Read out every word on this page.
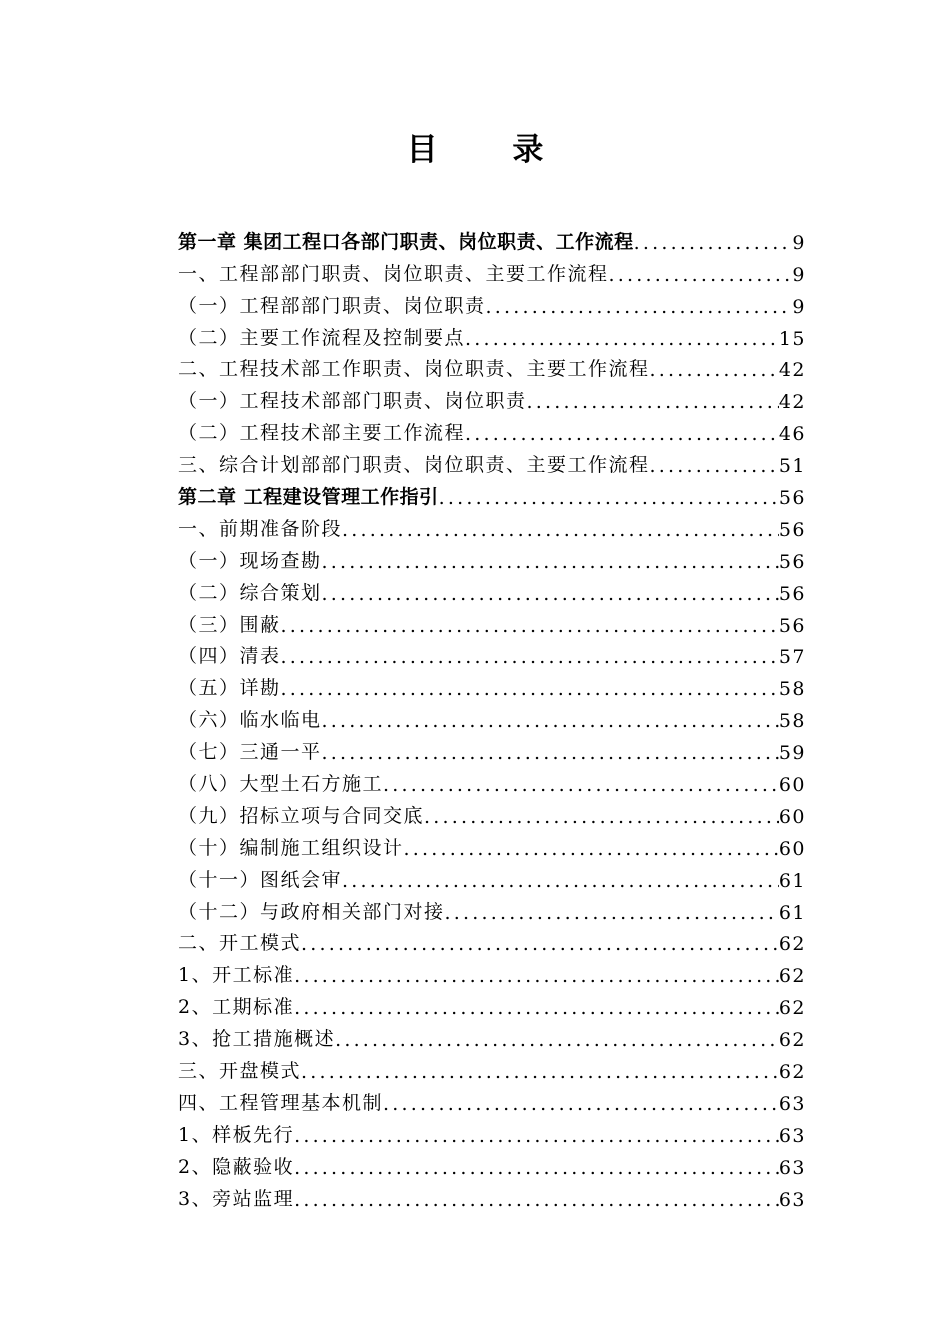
目 录
第一章 集团工程口各部门职责、岗位职责、工作流程 .....	9
一、工程部部门职责、岗位职责、主要工作流程 .....	9
（一）工程部部门职责、岗位职责 .....	9
（二）主要工作流程及控制要点 .....	15
二、工程技术部工作职责、岗位职责、主要工作流程 .....	42
（一）工程技术部部门职责、岗位职责 .....	42
（二）工程技术部主要工作流程 .....	46
三、综合计划部部门职责、岗位职责、主要工作流程 .....	51
第二章 工程建设管理工作指引 .....	56
一、前期准备阶段 .....	56
（一）现场查勘 .....	56
（二）综合策划 .....	56
（三）围蔽 .....	56
（四）清表 .....	57
（五）详勘 .....	58
（六）临水临电 .....	58
（七）三通一平 .....	59
（八）大型土石方施工 .....	60
（九）招标立项与合同交底 .....	60
（十）编制施工组织设计 .....	60
（十一）图纸会审 .....	61
（十二）与政府相关部门对接 .....	61
二、开工模式 .....	62
1、开工标准 .....	62
2、工期标准 .....	62
3、抢工措施概述 .....	62
三、开盘模式 .....	62
四、工程管理基本机制 .....	63
1、样板先行 .....	63
2、隐蔽验收 .....	63
3、旁站监理 .....	63
